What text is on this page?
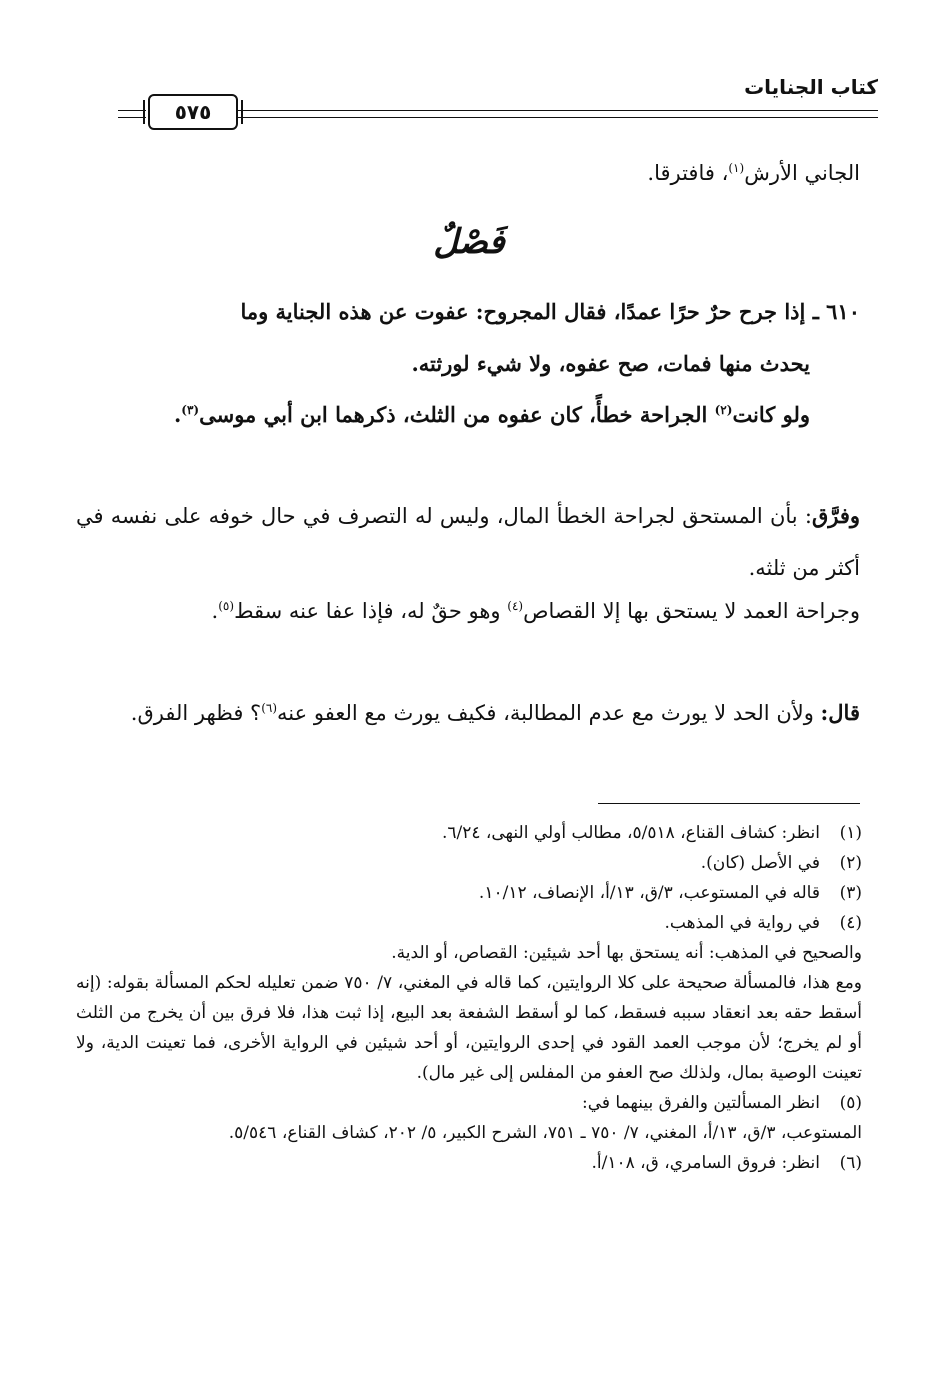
كتاب الجنايات
٥٧٥
الجاني الأرش$^{(١)}$، فافترقا.
فَصْلٌ
٦١٠ ـ إذا جرح حرٌ حرًا عمدًا، فقال المجروح: عفوت عن هذه الجناية وما
يحدث منها فمات، صح عفوه، ولا شيء لورثته.
ولو كانت$^{(٢)}$ الجراحة خطأً، كان عفوه من الثلث، ذكرهما ابن أبي موسى$^{(٣)}$.
وفرَّق: بأن المستحق لجراحة الخطأ المال، وليس له التصرف في حال خوفه على نفسه في أكثر من ثلثه.
وجراحة العمد لا يستحق بها إلا القصاص$^{(٤)}$ وهو حقٌ له، فإذا عفا عنه سقط$^{(٥)}$.
قال: ولأن الحد لا يورث مع عدم المطالبة، فكيف يورث مع العفو عنه$^{(٦)}$؟ فظهر الفرق.
(١)

انظر: كشاف القناع، ٥/٥١٨، مطالب أولي النهى، ٦/٢٤.

(٢)

في الأصل (كان).

(٣)

قاله في المستوعب، ٣/ق، ١٣/أ، الإنصاف، ١٠/١٢.

(٤)

في رواية في المذهب.

والصحيح في المذهب: أنه يستحق بها أحد شيئين: القصاص، أو الدية.

ومع هذا، فالمسألة صحيحة على كلا الروايتين، كما قاله في المغني، ٧/ ٧٥٠ ضمن تعليله لحكم المسألة بقوله: (إنه أسقط حقه بعد انعقاد سببه فسقط، كما لو أسقط الشفعة بعد البيع، إذا ثبت هذا، فلا فرق بين أن يخرج من الثلث أو لم يخرج؛ لأن موجب العمد القود في إحدى الروايتين، أو أحد شيئين في الرواية الأخرى، فما تعينت الدية، ولا تعينت الوصية بمال، ولذلك صح العفو من المفلس إلى غير مال).

(٥)

انظر المسألتين والفرق بينهما في:

المستوعب، ٣/ق، ١٣/أ، المغني، ٧/ ٧٥٠ ـ ٧٥١، الشرح الكبير، ٥/ ٢٠٢، كشاف القناع، ٥/٥٤٦.

(٦)

انظر: فروق السامري، ق، ١٠٨/أ.
